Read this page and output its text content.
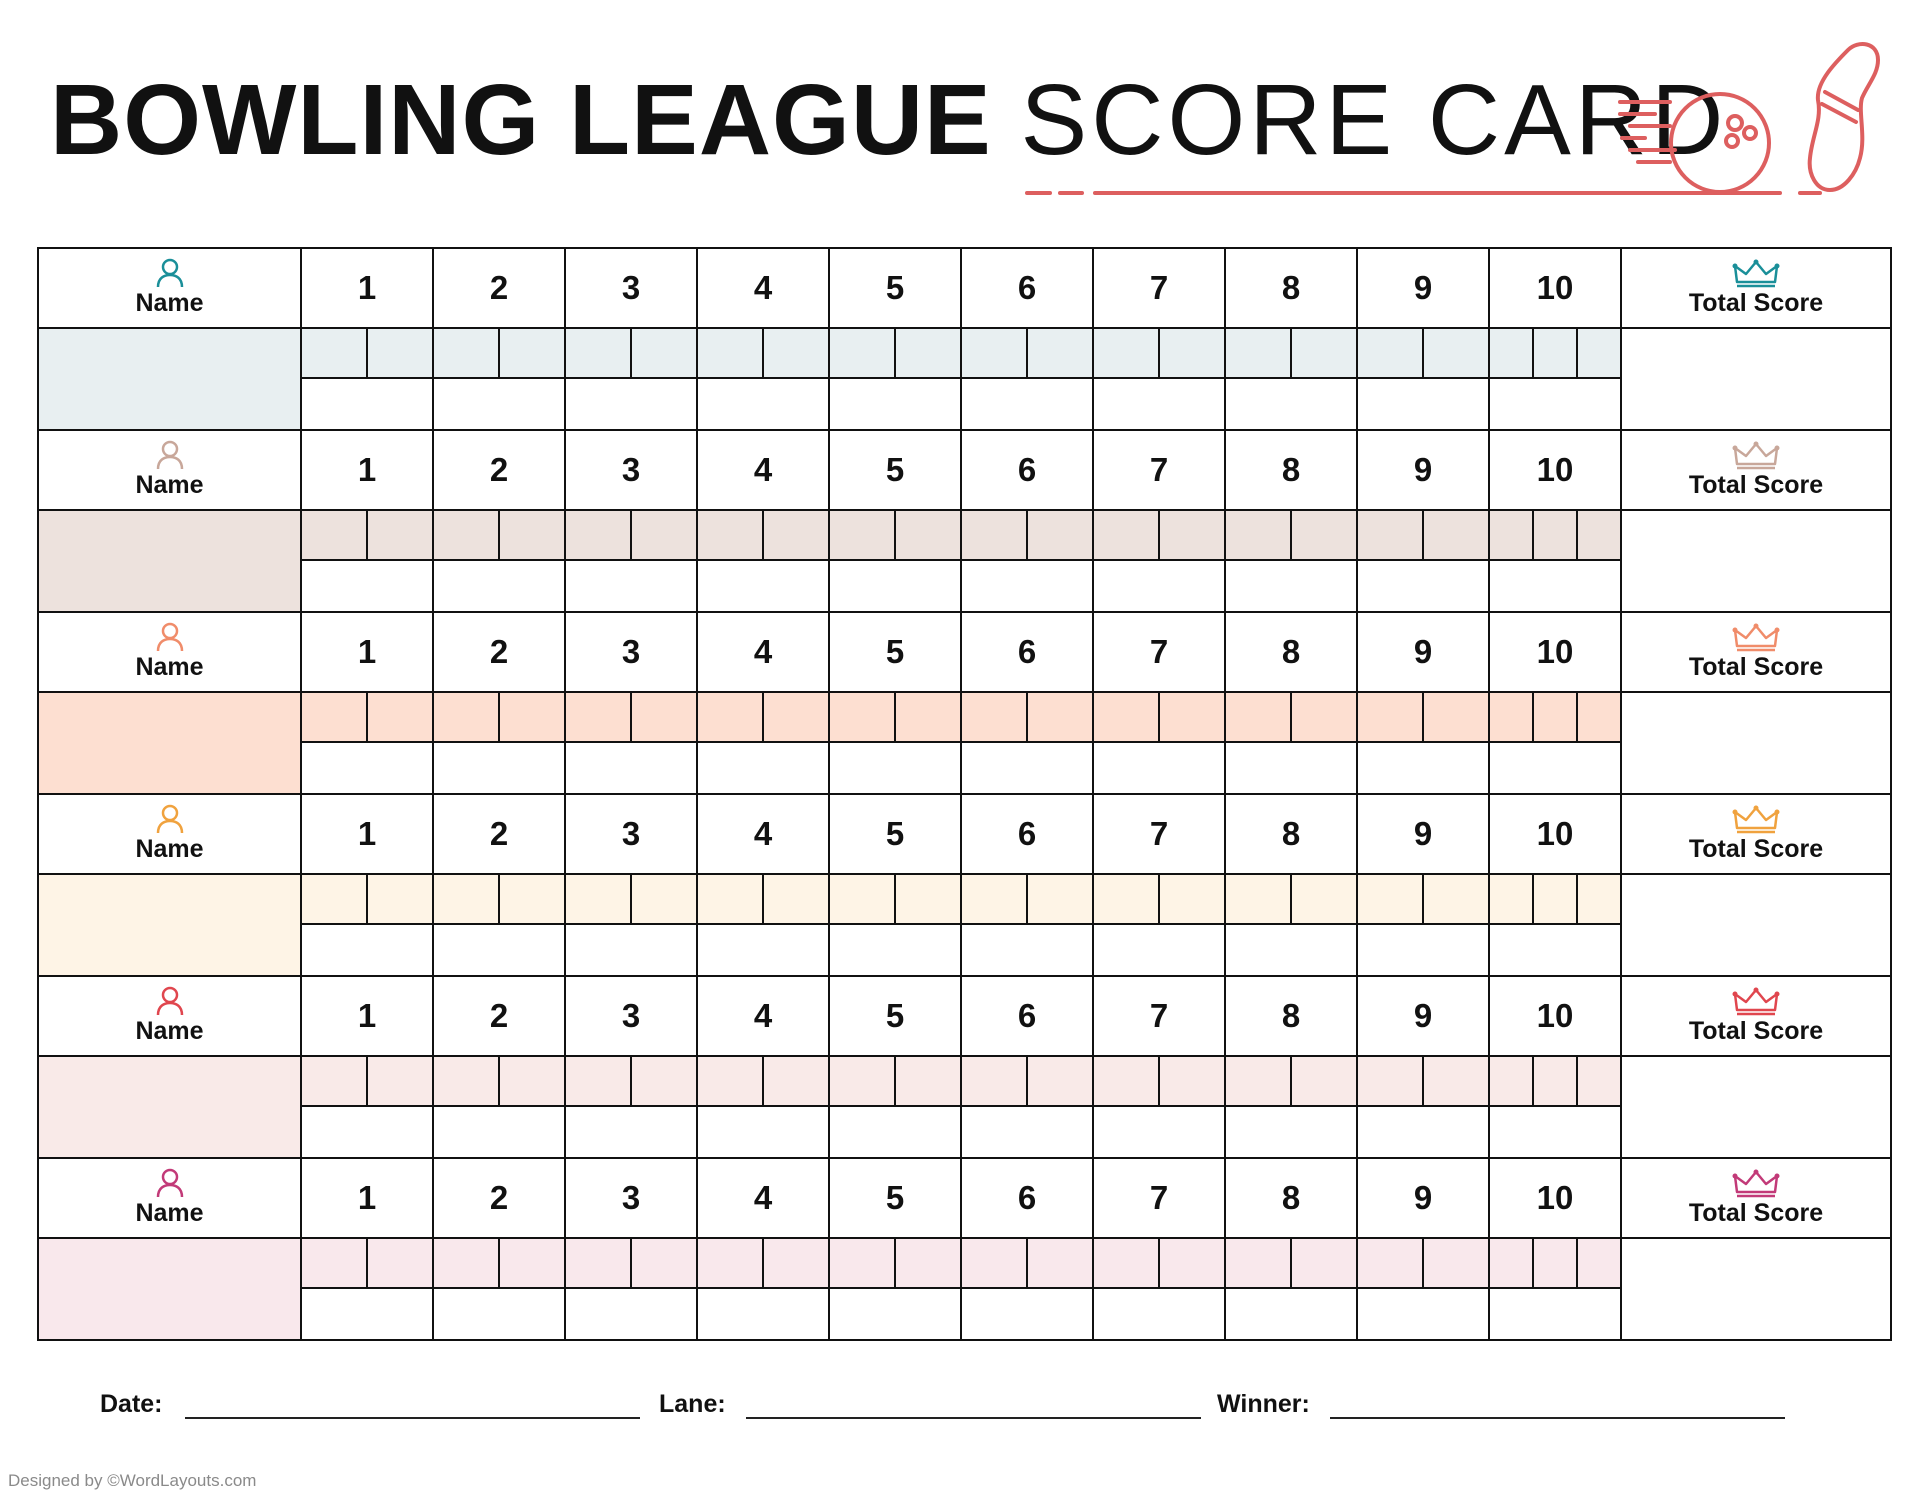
BOWLING LEAGUE SCORE CARD
Name	1	2	3	4	5	6	7	8	9	10	Total Score

Name	1	2	3	4	5	6	7	8	9	10	Total Score

Name	1	2	3	4	5	6	7	8	9	10	Total Score

Name	1	2	3	4	5	6	7	8	9	10	Total Score

Name	1	2	3	4	5	6	7	8	9	10	Total Score

Name	1	2	3	4	5	6	7	8	9	10	Total Score

Date:	Lane:	Winner:
Designed by ©WordLayouts.com
